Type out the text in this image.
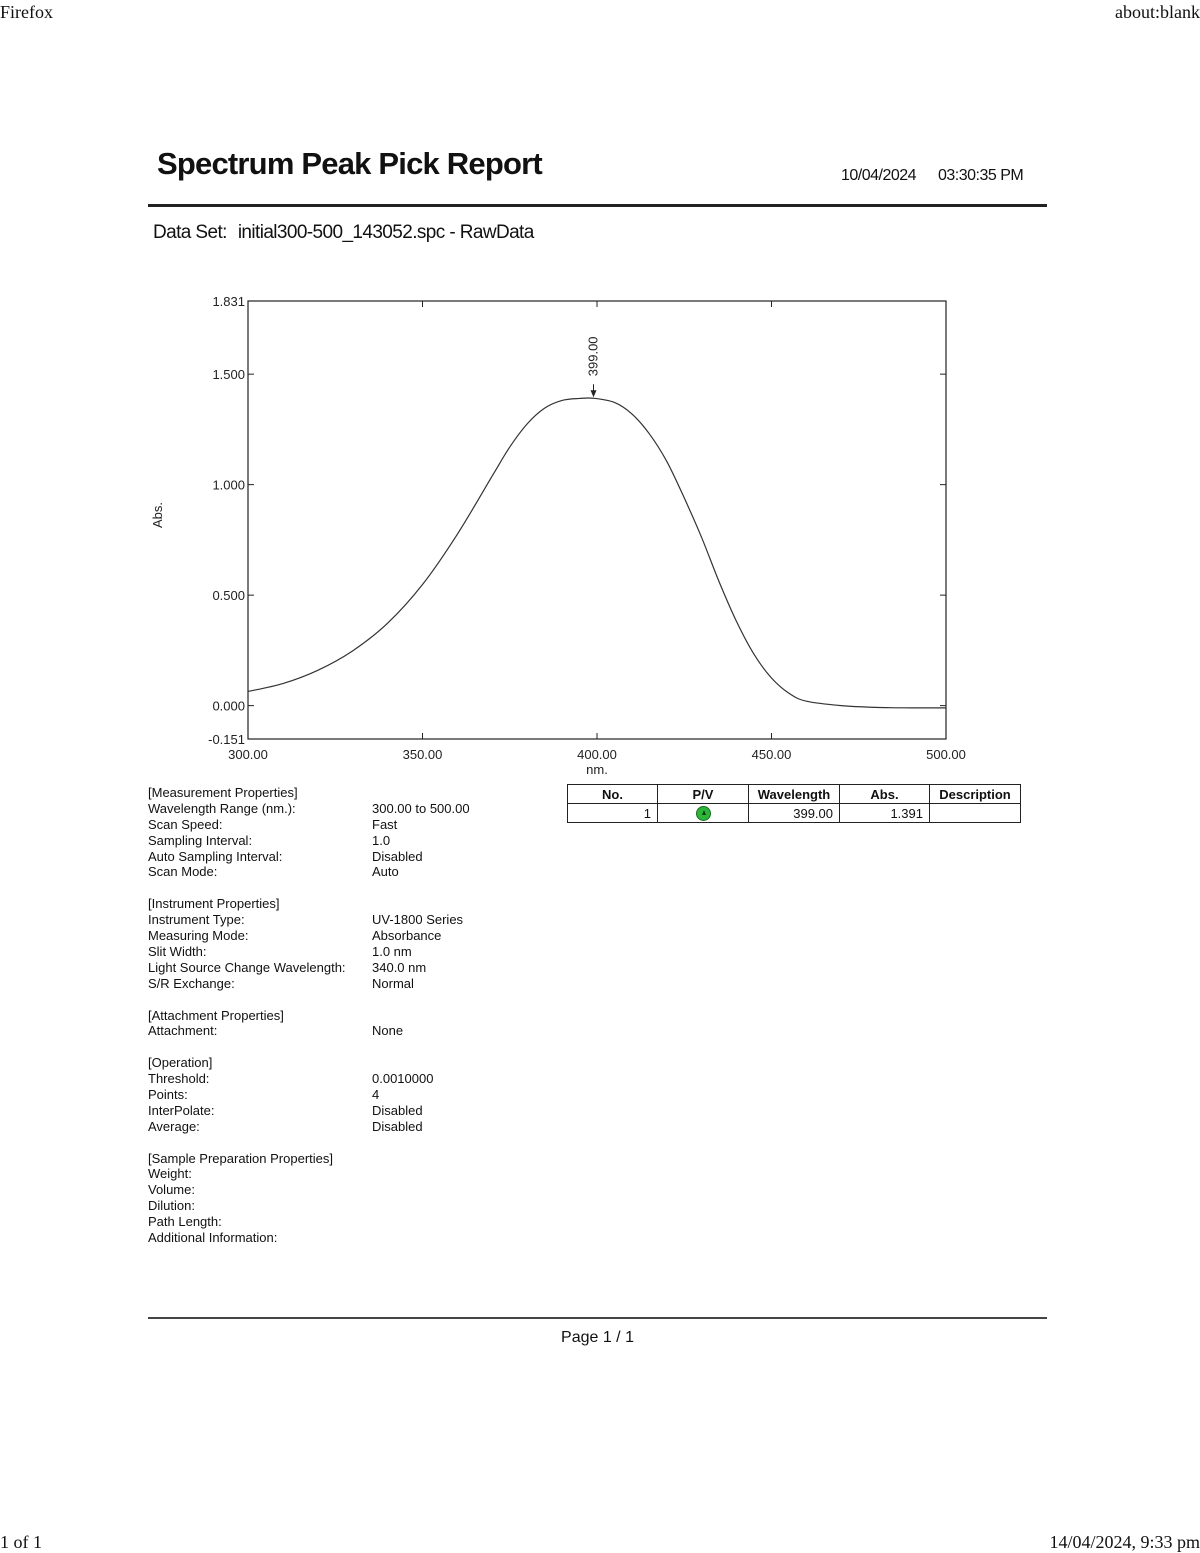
Firefox	about:blank
Spectrum Peak Pick Report	10/04/2024 03:30:35 PM
Data Set: initial300-500_143052.spc - RawData
300.00	350.00	400.00	450.00	500.00
1.831
1.500
1.000
0.500
0.000
-0.151
nm.
Abs.
399.00
[Measurement Properties]
Wavelength Range (nm.):	300.00 to 500.00
Scan Speed:	Fast
Sampling Interval:	1.0
Auto Sampling Interval:	Disabled
Scan Mode:	Auto
[Instrument Properties]
Instrument Type:	UV-1800 Series
Measuring Mode:	Absorbance
Slit Width:	1.0 nm
Light Source Change Wavelength:	340.0 nm
S/R Exchange:	Normal
[Attachment Properties]
Attachment:	None
[Operation]
Threshold:	0.0010000
Points:	4
InterPolate:	Disabled
Average:	Disabled
[Sample Preparation Properties]
Weight:
Volume:
Dilution:
Path Length:
Additional Information:
No.	P/V	Wavelength	Abs.	Description
1		399.00	1.391	
Page 1 / 1
1 of 1	14/04/2024, 9:33 pm
